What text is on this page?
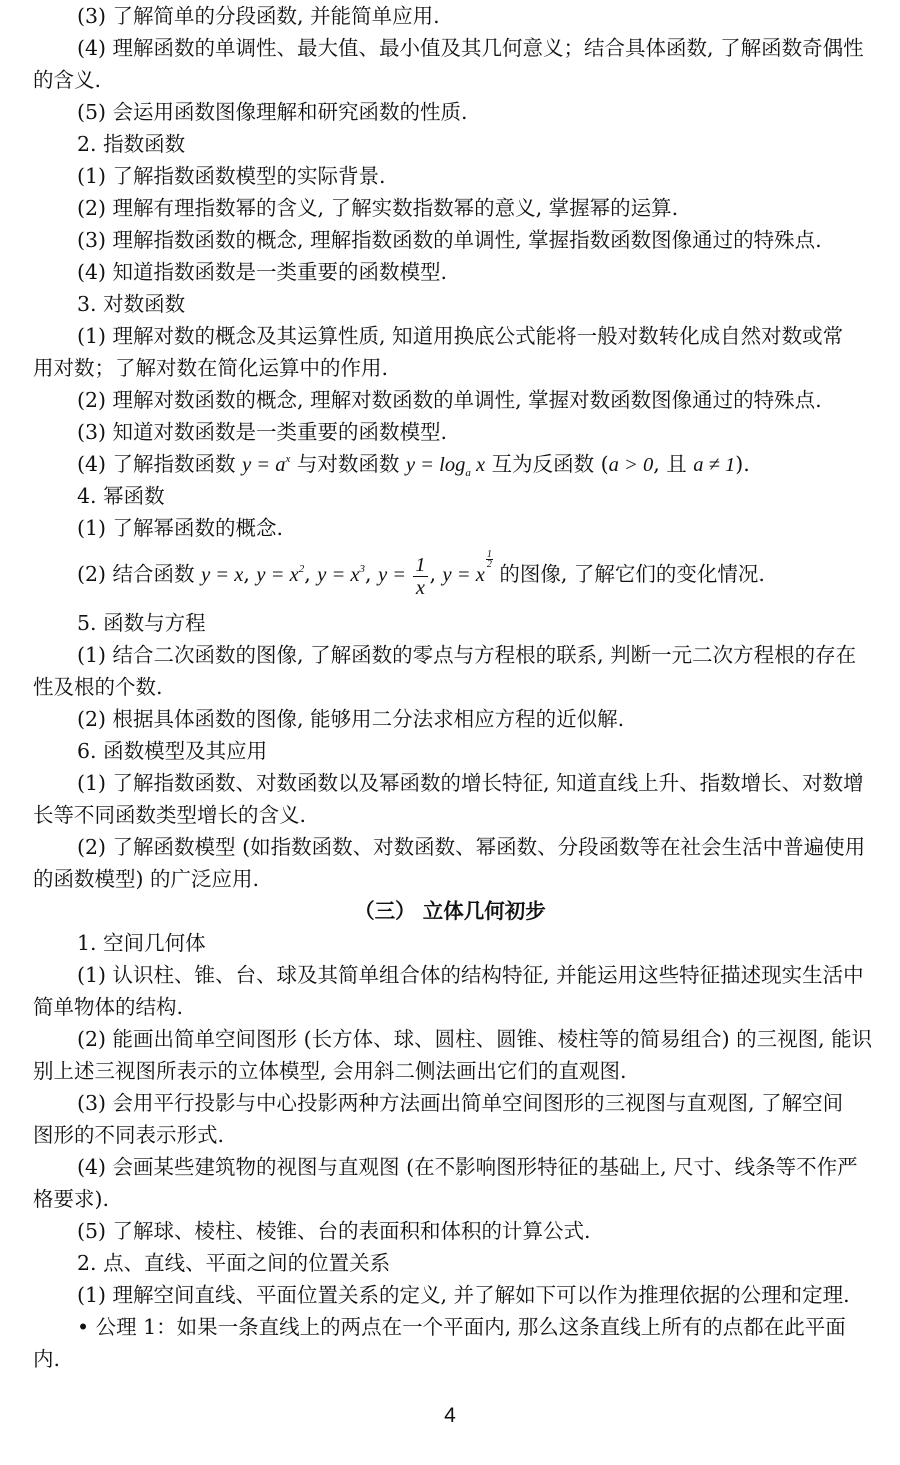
(3) 了解简单的分段函数, 并能简单应用.
(4) 理解函数的单调性、最大值、最小值及其几何意义；结合具体函数, 了解函数奇偶性
的含义.
(5) 会运用函数图像理解和研究函数的性质.
2. 指数函数
(1) 了解指数函数模型的实际背景.
(2) 理解有理指数幂的含义, 了解实数指数幂的意义, 掌握幂的运算.
(3) 理解指数函数的概念, 理解指数函数的单调性, 掌握指数函数图像通过的特殊点.
(4) 知道指数函数是一类重要的函数模型.
3. 对数函数
(1) 理解对数的概念及其运算性质, 知道用换底公式能将一般对数转化成自然对数或常
用对数；了解对数在简化运算中的作用.
(2) 理解对数函数的概念, 理解对数函数的单调性, 掌握对数函数图像通过的特殊点.
(3) 知道对数函数是一类重要的函数模型.
(4) 了解指数函数 $y = a^x$ 与对数函数 $y = \log_a x$ 互为反函数 (a > 0, 且 a ≠ 1).
4. 幂函数
(1) 了解幂函数的概念.
(2) 结合函数 y = x, $y = x^2$, $y = x^3$, $y = \frac{1}{x}$ , y = x
$\frac{1}{2}$
的图像, 了解它们的变化情况.
5. 函数与方程
(1) 结合二次函数的图像, 了解函数的零点与方程根的联系, 判断一元二次方程根的存在
性及根的个数.
(2) 根据具体函数的图像, 能够用二分法求相应方程的近似解.
6. 函数模型及其应用
(1) 了解指数函数、对数函数以及幂函数的增长特征, 知道直线上升、指数增长、对数增
长等不同函数类型增长的含义.
(2) 了解函数模型 (如指数函数、对数函数、幂函数、分段函数等在社会生活中普遍使用
的函数模型) 的广泛应用.
（三） 立体几何初步
1. 空间几何体
(1) 认识柱、锥、台、球及其简单组合体的结构特征, 并能运用这些特征描述现实生活中
简单物体的结构.
(2) 能画出简单空间图形 (长方体、球、圆柱、圆锥、棱柱等的简易组合) 的三视图, 能识
别上述三视图所表示的立体模型, 会用斜二侧法画出它们的直观图.
(3) 会用平行投影与中心投影两种方法画出简单空间图形的三视图与直观图, 了解空间
图形的不同表示形式.
(4) 会画某些建筑物的视图与直观图 (在不影响图形特征的基础上, 尺寸、线条等不作严
格要求).
(5) 了解球、棱柱、棱锥、台的表面积和体积的计算公式.
2. 点、直线、平面之间的位置关系
(1) 理解空间直线、平面位置关系的定义, 并了解如下可以作为推理依据的公理和定理.
• 公理 1：如果一条直线上的两点在一个平面内, 那么这条直线上所有的点都在此平面
内.
4
